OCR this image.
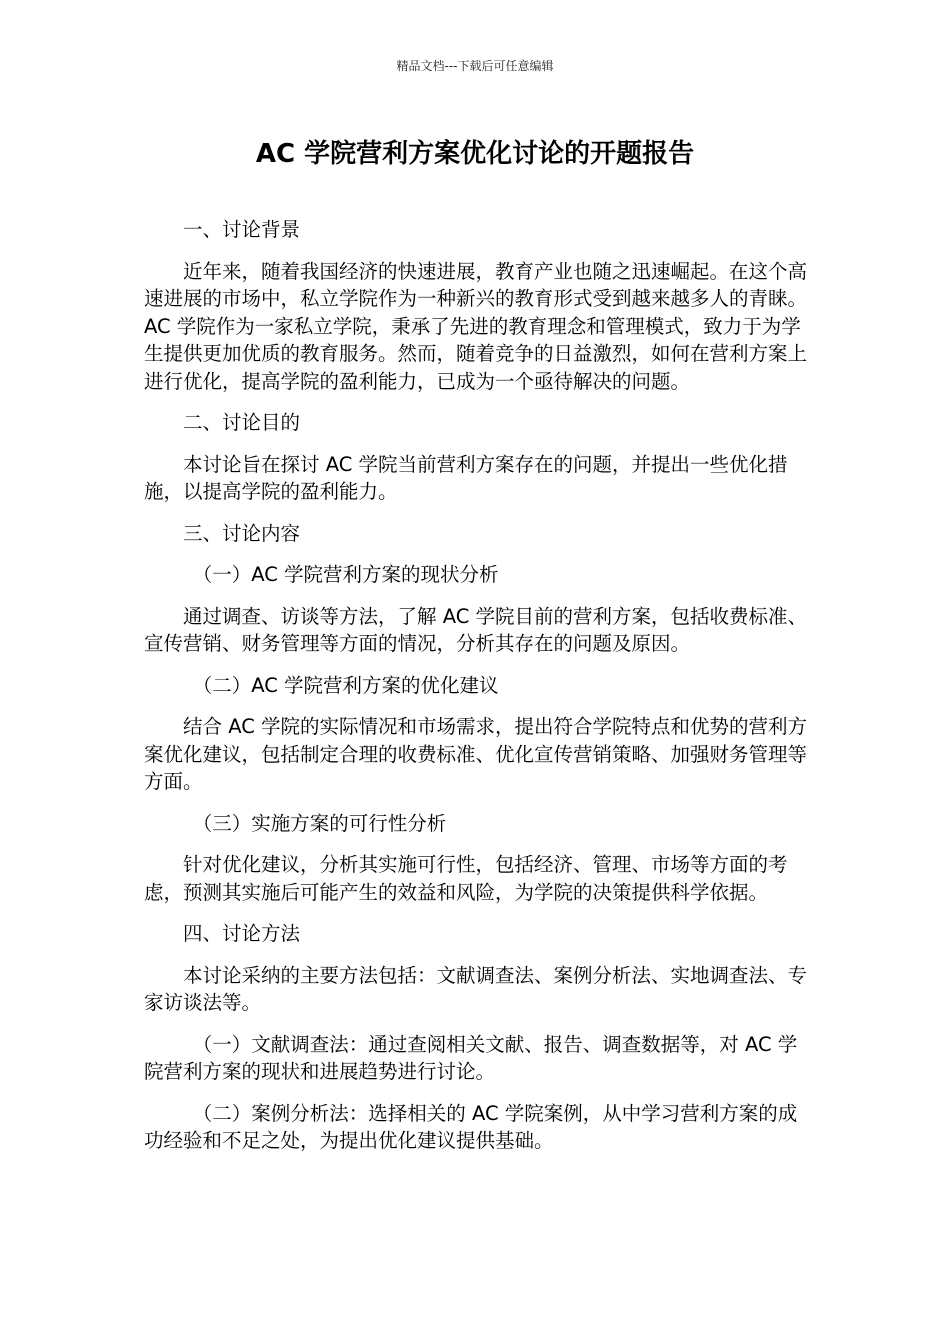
精品文档---下载后可任意编辑
AC 学院营利方案优化讨论的开题报告

一、讨论背景

近年来，随着我国经济的快速进展，教育产业也随之迅速崛起。在这个高速进展的市场中，私立学院作为一种新兴的教育形式受到越来越多人的青睐。AC 学院作为一家私立学院，秉承了先进的教育理念和管理模式，致力于为学生提供更加优质的教育服务。然而，随着竞争的日益激烈，如何在营利方案上进行优化，提高学院的盈利能力，已成为一个亟待解决的问题。

二、讨论目的

本讨论旨在探讨 AC 学院当前营利方案存在的问题，并提出一些优化措施，以提高学院的盈利能力。

三、讨论内容

（一）AC 学院营利方案的现状分析

通过调查、访谈等方法，了解 AC 学院目前的营利方案，包括收费标准、宣传营销、财务管理等方面的情况，分析其存在的问题及原因。

（二）AC 学院营利方案的优化建议

结合 AC 学院的实际情况和市场需求，提出符合学院特点和优势的营利方案优化建议，包括制定合理的收费标准、优化宣传营销策略、加强财务管理等方面。

（三）实施方案的可行性分析

针对优化建议，分析其实施可行性，包括经济、管理、市场等方面的考虑，预测其实施后可能产生的效益和风险，为学院的决策提供科学依据。

四、讨论方法

本讨论采纳的主要方法包括：文献调查法、案例分析法、实地调查法、专家访谈法等。

（一）文献调查法：通过查阅相关文献、报告、调查数据等，对 AC 学院营利方案的现状和进展趋势进行讨论。

（二）案例分析法：选择相关的 AC 学院案例，从中学习营利方案的成功经验和不足之处，为提出优化建议提供基础。
